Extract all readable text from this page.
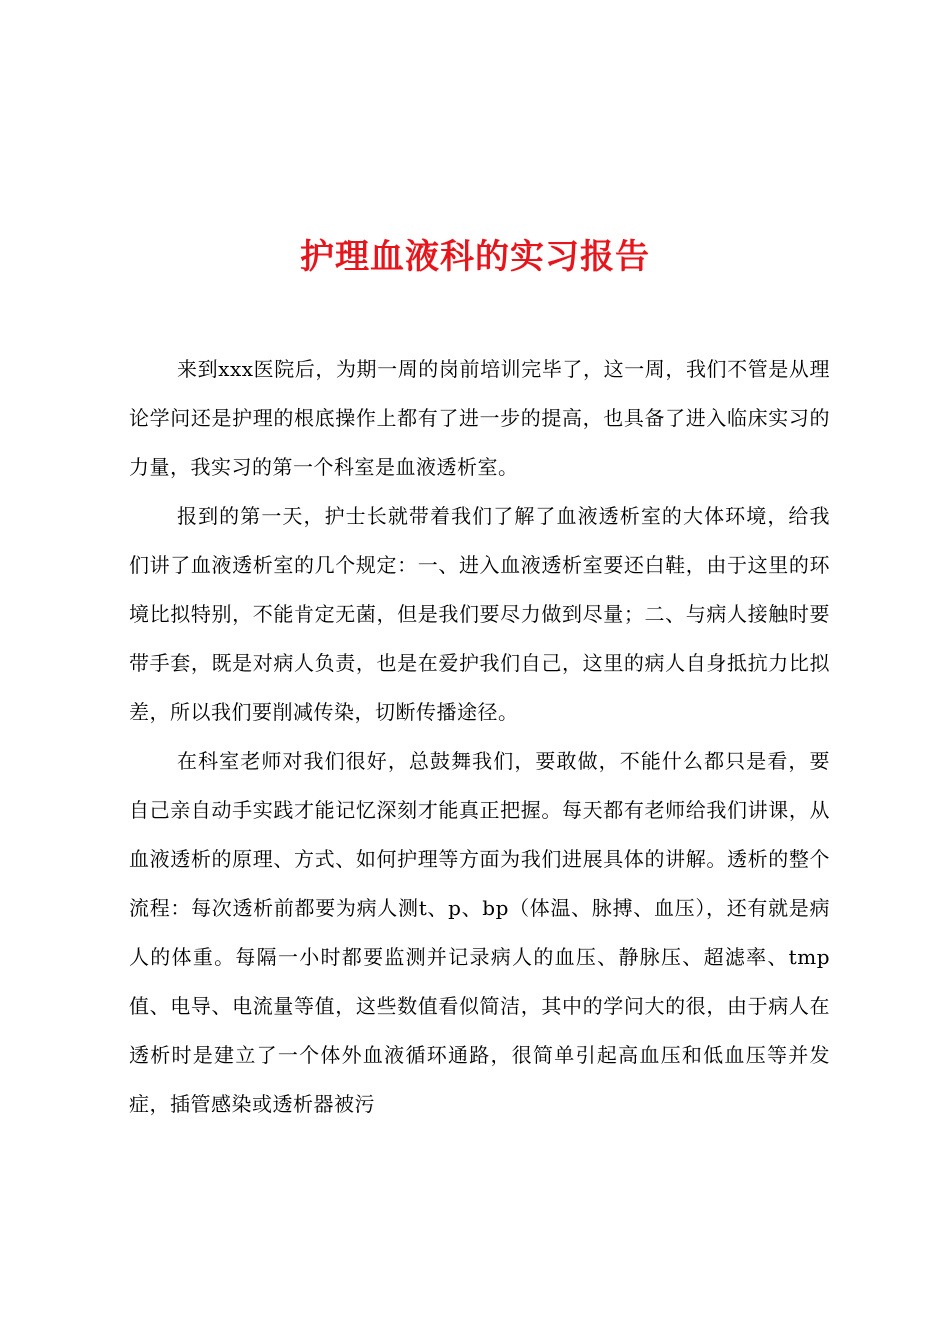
护理血液科的实习报告

来到xxx医院后，为期一周的岗前培训完毕了，这一周，我们不管是从理论学问还是护理的根底操作上都有了进一步的提高，也具备了进入临床实习的力量，我实习的第一个科室是血液透析室。

报到的第一天，护士长就带着我们了解了血液透析室的大体环境，给我们讲了血液透析室的几个规定：一、进入血液透析室要还白鞋，由于这里的环境比拟特别，不能肯定无菌，但是我们要尽力做到尽量；二、与病人接触时要带手套，既是对病人负责，也是在爱护我们自己，这里的病人自身抵抗力比拟差，所以我们要削减传染，切断传播途径。

在科室老师对我们很好，总鼓舞我们，要敢做，不能什么都只是看，要自己亲自动手实践才能记忆深刻才能真正把握。每天都有老师给我们讲课，从血液透析的原理、方式、如何护理等方面为我们进展具体的讲解。透析的整个流程：每次透析前都要为病人测t、p、bp（体温、脉搏、血压），还有就是病人的体重。每隔一小时都要监测并记录病人的血压、静脉压、超滤率、tmp值、电导、电流量等值，这些数值看似简洁，其中的学问大的很，由于病人在透析时是建立了一个体外血液循环通路，很简单引起高血压和低血压等并发症，插管感染或透析器被污
